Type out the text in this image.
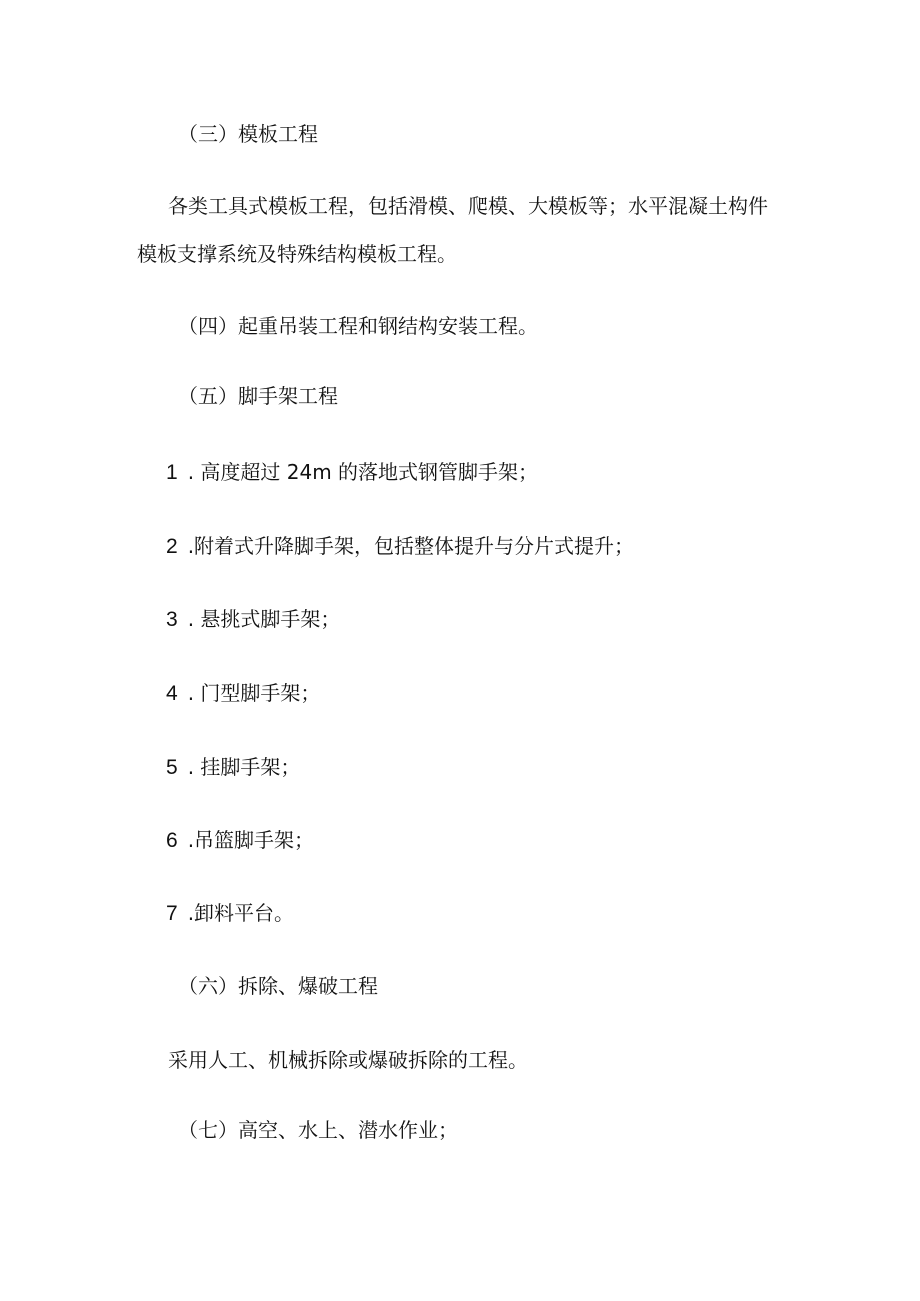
（三）模板工程
各类工具式模板工程，包括滑模、爬模、大模板等；水平混凝土构件
模板支撑系统及特殊结构模板工程。
（四）起重吊装工程和钢结构安装工程。
（五）脚手架工程
1 . 高度超过 24m 的落地式钢管脚手架；
2 .附着式升降脚手架，包括整体提升与分片式提升；
3 . 悬挑式脚手架；
4 . 门型脚手架；
5 . 挂脚手架；
6 .吊篮脚手架；
7 .卸料平台。
（六）拆除、爆破工程
采用人工、机械拆除或爆破拆除的工程。
（七）高空、水上、潜水作业；
